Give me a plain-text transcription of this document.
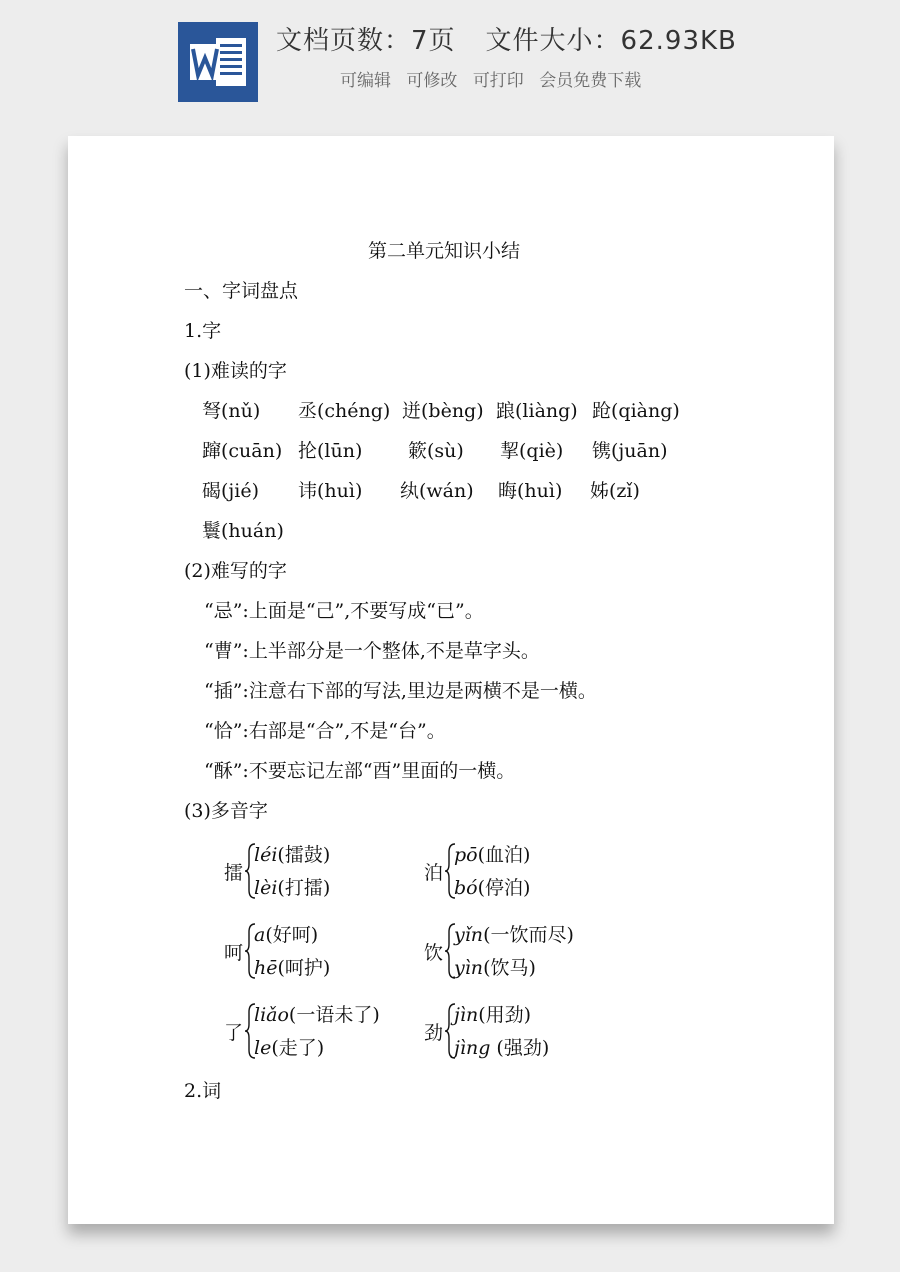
文档页数：7页 文件大小：62.93KB
可编辑 可修改 可打印 会员免费下载
第二单元知识小结
一、字词盘点
1.字
(1)难读的字
弩(nǔ) 丞(chéng) 迸(bèng) 踉(liàng) 跄(qiàng)
蹿(cuān) 抡(lūn) 簌(sù) 挈(qiè) 镌(juān)
碣(jié) 讳(huì) 纨(wán) 晦(huì) 姊(zǐ)
鬟(huán)
(2)难写的字
“忌”:上面是“己”,不要写成“已”。
“曹”:上半部分是一个整体,不是草字头。
“插”:注意右下部的写法,里边是两横不是一横。
“恰”:右部是“合”,不是“台”。
“酥”:不要忘记左部“酉”里面的一横。
(3)多音字
擂
léi(擂鼓)
lèi(打擂)
泊
pō(血泊)
bó(停泊)
呵
a(好呵)
hē(呵护)
饮
yǐn(一饮而尽)
yìn(饮马)
了
liǎo(一语未了)
le(走了)
劲
jìn(用劲)
jìng (强劲)
2.词
